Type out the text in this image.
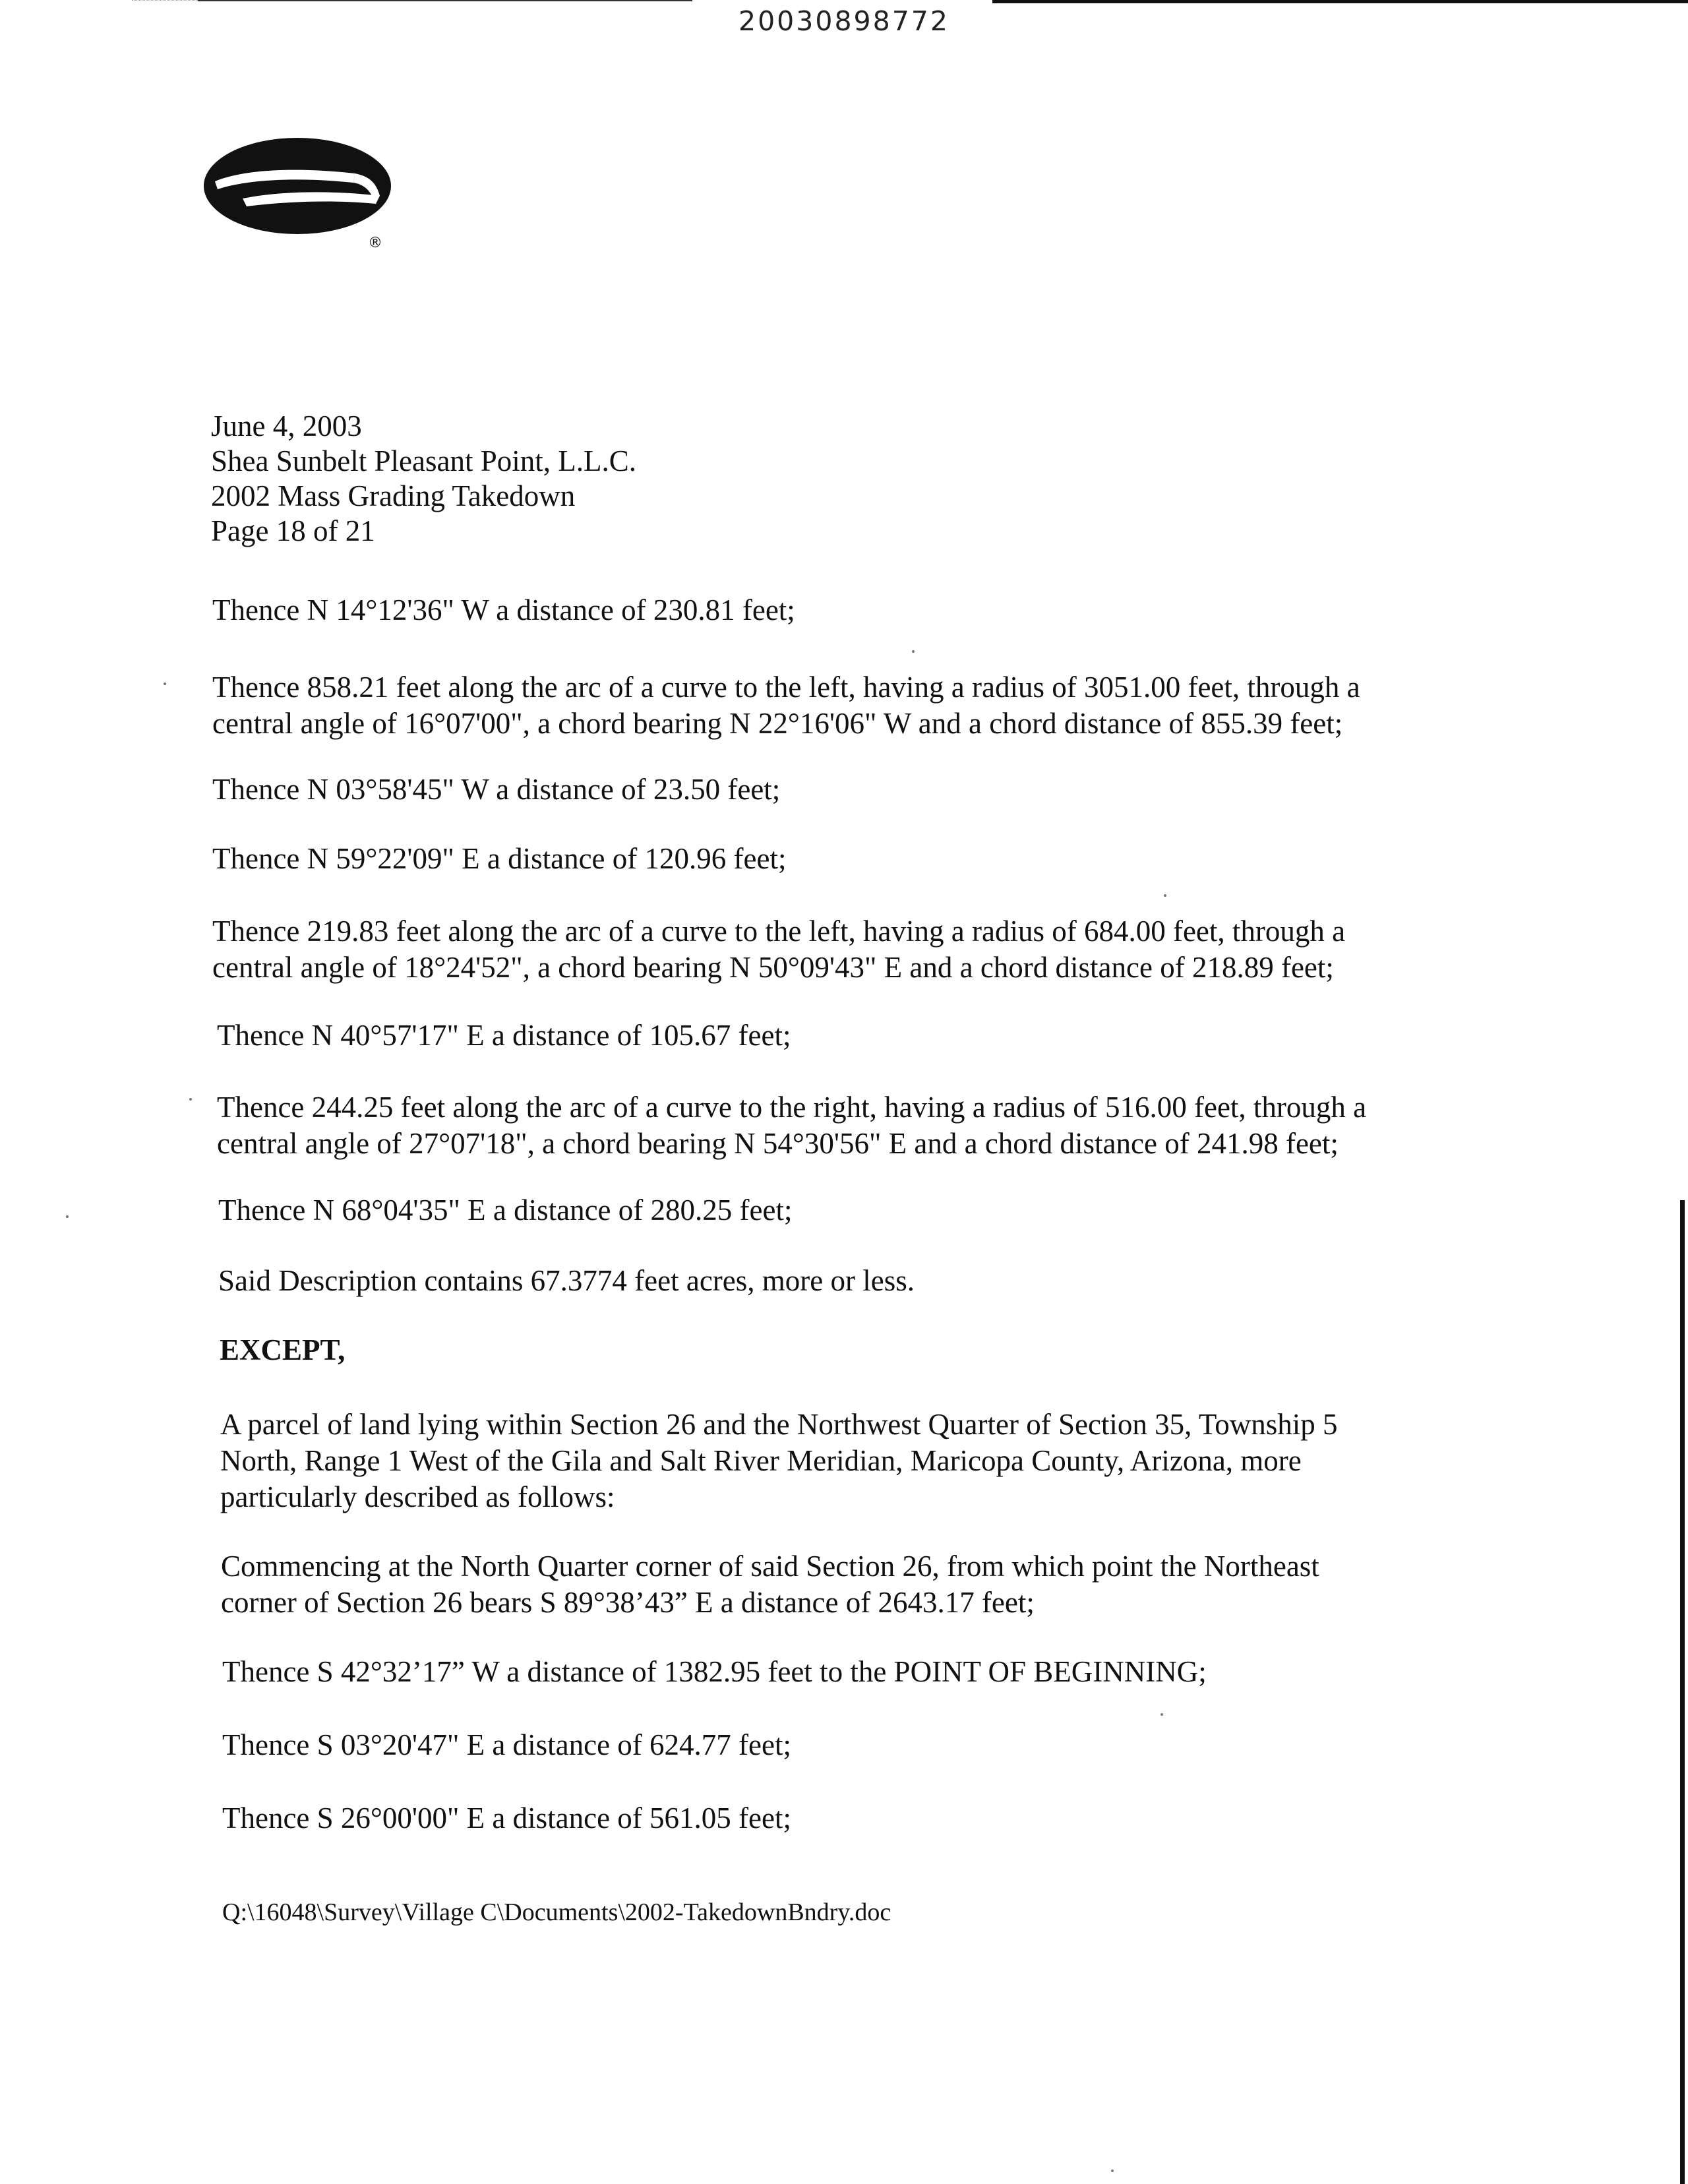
20030898772
®
June 4, 2003
Shea Sunbelt Pleasant Point, L.L.C.
2002 Mass Grading Takedown
Page 18 of 21
Thence N 14°12'36" W a distance of 230.81 feet;
Thence 858.21 feet along the arc of a curve to the left, having a radius of 3051.00 feet, through a
central angle of 16°07'00", a chord bearing N 22°16'06" W and a chord distance of 855.39 feet;
Thence N 03°58'45" W a distance of 23.50 feet;
Thence N 59°22'09" E a distance of 120.96 feet;
Thence 219.83 feet along the arc of a curve to the left, having a radius of 684.00 feet, through a
central angle of 18°24'52", a chord bearing N 50°09'43" E and a chord distance of 218.89 feet;
Thence N 40°57'17" E a distance of 105.67 feet;
Thence 244.25 feet along the arc of a curve to the right, having a radius of 516.00 feet, through a
central angle of 27°07'18", a chord bearing N 54°30'56" E and a chord distance of 241.98 feet;
Thence N 68°04'35" E a distance of 280.25 feet;
Said Description contains 67.3774 feet acres, more or less.
EXCEPT,
A parcel of land lying within Section 26 and the Northwest Quarter of Section 35, Township 5
North, Range 1 West of the Gila and Salt River Meridian, Maricopa County, Arizona, more
particularly described as follows:
Commencing at the North Quarter corner of said Section 26, from which point the Northeast
corner of Section 26 bears S 89°38’43” E a distance of 2643.17 feet;
Thence S 42°32’17” W a distance of 1382.95 feet to the POINT OF BEGINNING;
Thence S 03°20'47" E a distance of 624.77 feet;
Thence S 26°00'00" E a distance of 561.05 feet;
Q:\16048\Survey\Village C\Documents\2002-TakedownBndry.doc
